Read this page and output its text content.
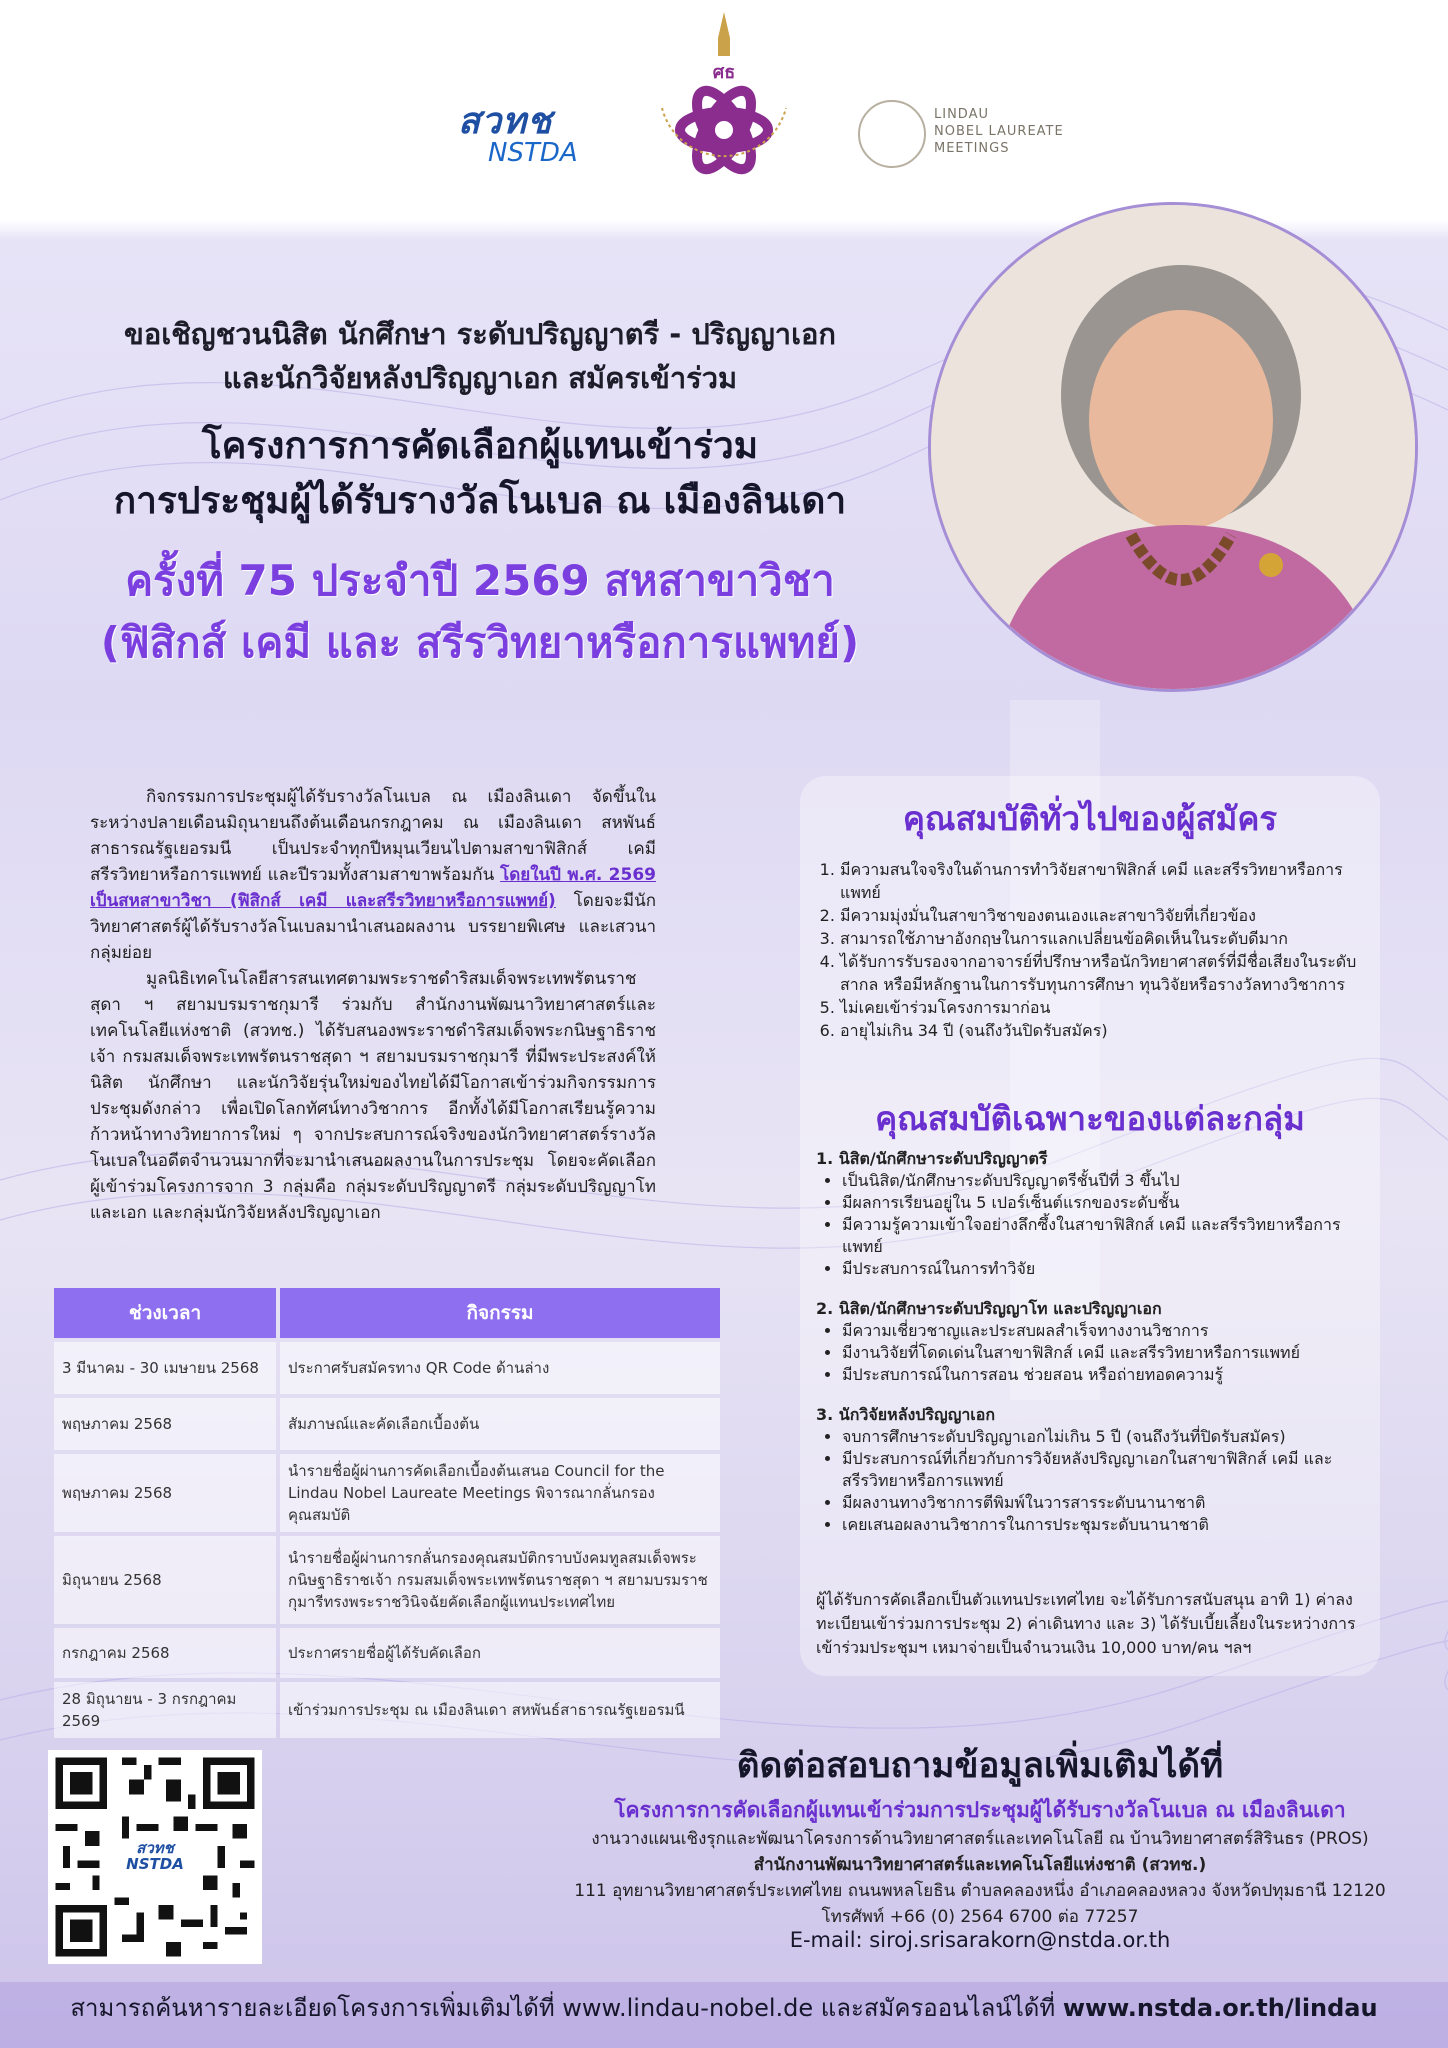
สวทช
NSTDA
ศธ
LINDAU
NOBEL LAUREATE
MEETINGS
ขอเชิญชวนนิสิต นักศึกษา ระดับปริญญาตรี - ปริญญาเอก
และนักวิจัยหลังปริญญาเอก สมัครเข้าร่วม
โครงการการคัดเลือกผู้แทนเข้าร่วม
การประชุมผู้ได้รับรางวัลโนเบล ณ เมืองลินเดา
ครั้งที่ 75 ประจำปี 2569 สหสาขาวิชา
(ฟิสิกส์ เคมี และ สรีรวิทยาหรือการแพทย์)

กิจกรรมการประชุมผู้ได้รับรางวัลโนเบล ณ เมืองลินเดา จัดขึ้นในระหว่างปลายเดือนมิถุนายนถึงต้นเดือนกรกฎาคม ณ เมืองลินเดา สหพันธ์สาธารณรัฐเยอรมนี เป็นประจำทุกปีหมุนเวียนไปตามสาขาฟิสิกส์ เคมี สรีรวิทยาหรือการแพทย์ และปีรวมทั้งสามสาขาพร้อมกัน โดยในปี พ.ศ. 2569 เป็นสหสาขาวิชา (ฟิสิกส์ เคมี และสรีรวิทยาหรือการแพทย์) โดยจะมีนักวิทยาศาสตร์ผู้ได้รับรางวัลโนเบลมานำเสนอผลงาน บรรยายพิเศษ และเสวนากลุ่มย่อย

มูลนิธิเทคโนโลยีสารสนเทศตามพระราชดำริสมเด็จพระเทพรัตนราชสุดา ฯ สยามบรมราชกุมารี ร่วมกับ สำนักงานพัฒนาวิทยาศาสตร์และเทคโนโลยีแห่งชาติ (สวทช.) ได้รับสนองพระราชดำริสมเด็จพระกนิษฐาธิราชเจ้า กรมสมเด็จพระเทพรัตนราชสุดา ฯ สยามบรมราชกุมารี ที่มีพระประสงค์ให้นิสิต นักศึกษา และนักวิจัยรุ่นใหม่ของไทยได้มีโอกาสเข้าร่วมกิจกรรมการประชุมดังกล่าว เพื่อเปิดโลกทัศน์ทางวิชาการ อีกทั้งได้มีโอกาสเรียนรู้ความก้าวหน้าทางวิทยาการใหม่ ๆ จากประสบการณ์จริงของนักวิทยาศาสตร์รางวัลโนเบลในอดีตจำนวนมากที่จะมานำเสนอผลงานในการประชุม โดยจะคัดเลือกผู้เข้าร่วมโครงการจาก 3 กลุ่มคือ กลุ่มระดับปริญญาตรี กลุ่มระดับปริญญาโทและเอก และกลุ่มนักวิจัยหลังปริญญาเอก

ช่วงเวลา	กิจกรรม
3 มีนาคม - 30 เมษายน 2568	ประกาศรับสมัครทาง QR Code ด้านล่าง
พฤษภาคม 2568	สัมภาษณ์และคัดเลือกเบื้องต้น
พฤษภาคม 2568	นำรายชื่อผู้ผ่านการคัดเลือกเบื้องต้นเสนอ Council for the Lindau Nobel Laureate Meetings พิจารณากลั่นกรองคุณสมบัติ
มิถุนายน 2568	นำรายชื่อผู้ผ่านการกลั่นกรองคุณสมบัติกราบบังคมทูลสมเด็จพระกนิษฐาธิราชเจ้า กรมสมเด็จพระเทพรัตนราชสุดา ฯ สยามบรมราชกุมารีทรงพระราชวินิจฉัยคัดเลือกผู้แทนประเทศไทย
กรกฎาคม 2568	ประกาศรายชื่อผู้ได้รับคัดเลือก
28 มิถุนายน - 3 กรกฎาคม 2569	เข้าร่วมการประชุม ณ เมืองลินเดา สหพันธ์สาธารณรัฐเยอรมนี
คุณสมบัติทั่วไปของผู้สมัคร
1. มีความสนใจจริงในด้านการทำวิจัยสาขาฟิสิกส์ เคมี และสรีรวิทยาหรือการแพทย์
2. มีความมุ่งมั่นในสาขาวิชาของตนเองและสาขาวิจัยที่เกี่ยวข้อง
3. สามารถใช้ภาษาอังกฤษในการแลกเปลี่ยนข้อคิดเห็นในระดับดีมาก
4. ได้รับการรับรองจากอาจารย์ที่ปรึกษาหรือนักวิทยาศาสตร์ที่มีชื่อเสียงในระดับสากล หรือมีหลักฐานในการรับทุนการศึกษา ทุนวิจัยหรือรางวัลทางวิชาการ
5. ไม่เคยเข้าร่วมโครงการมาก่อน
6. อายุไม่เกิน 34 ปี (จนถึงวันปิดรับสมัคร)
คุณสมบัติเฉพาะของแต่ละกลุ่ม
1. นิสิต/นักศึกษาระดับปริญญาตรี
• เป็นนิสิต/นักศึกษาระดับปริญญาตรีชั้นปีที่ 3 ขึ้นไป
• มีผลการเรียนอยู่ใน 5 เปอร์เซ็นต์แรกของระดับชั้น
• มีความรู้ความเข้าใจอย่างลึกซึ้งในสาขาฟิสิกส์ เคมี และสรีรวิทยาหรือการแพทย์
• มีประสบการณ์ในการทำวิจัย
2. นิสิต/นักศึกษาระดับปริญญาโท และปริญญาเอก
• มีความเชี่ยวชาญและประสบผลสำเร็จทางงานวิชาการ
• มีงานวิจัยที่โดดเด่นในสาขาฟิสิกส์ เคมี และสรีรวิทยาหรือการแพทย์
• มีประสบการณ์ในการสอน ช่วยสอน หรือถ่ายทอดความรู้
3. นักวิจัยหลังปริญญาเอก
• จบการศึกษาระดับปริญญาเอกไม่เกิน 5 ปี (จนถึงวันที่ปิดรับสมัคร)
• มีประสบการณ์ที่เกี่ยวกับการวิจัยหลังปริญญาเอกในสาขาฟิสิกส์ เคมี และสรีรวิทยาหรือการแพทย์
• มีผลงานทางวิชาการตีพิมพ์ในวารสารระดับนานาชาติ
• เคยเสนอผลงานวิชาการในการประชุมระดับนานาชาติ
ผู้ได้รับการคัดเลือกเป็นตัวแทนประเทศไทย จะได้รับการสนับสนุน อาทิ 1) ค่าลงทะเบียนเข้าร่วมการประชุม 2) ค่าเดินทาง และ 3) ได้รับเบี้ยเลี้ยงในระหว่างการเข้าร่วมประชุมฯ เหมาจ่ายเป็นจำนวนเงิน 10,000 บาท/คน ฯลฯ
สวทช
NSTDA
ติดต่อสอบถามข้อมูลเพิ่มเติมได้ที่
โครงการการคัดเลือกผู้แทนเข้าร่วมการประชุมผู้ได้รับรางวัลโนเบล ณ เมืองลินเดา
งานวางแผนเชิงรุกและพัฒนาโครงการด้านวิทยาศาสตร์และเทคโนโลยี ณ บ้านวิทยาศาสตร์สิรินธร (PROS)
สำนักงานพัฒนาวิทยาศาสตร์และเทคโนโลยีแห่งชาติ (สวทช.)
111 อุทยานวิทยาศาสตร์ประเทศไทย ถนนพหลโยธิน ตำบลคลองหนึ่ง อำเภอคลองหลวง จังหวัดปทุมธานี 12120
โทรศัพท์ +66 (0) 2564 6700 ต่อ 77257
E-mail: siroj.srisarakorn@nstda.or.th
สามารถค้นหารายละเอียดโครงการเพิ่มเติมได้ที่ www.lindau-nobel.de และสมัครออนไลน์ได้ที่ www.nstda.or.th/lindau
